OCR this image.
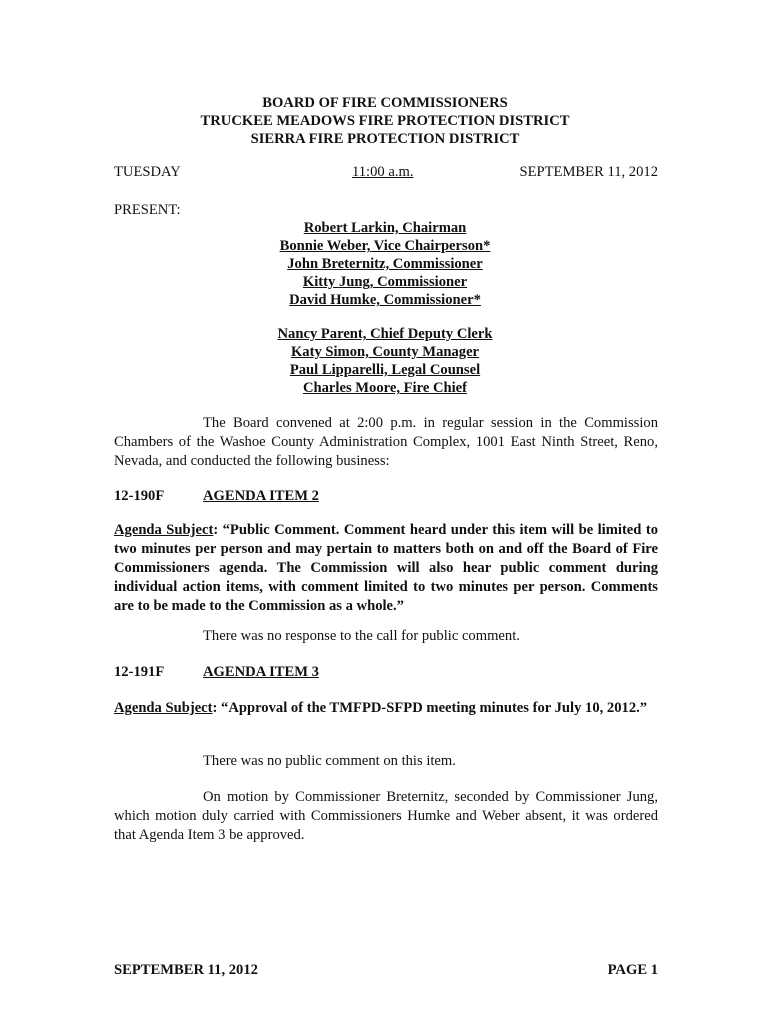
BOARD OF FIRE COMMISSIONERS
TRUCKEE MEADOWS FIRE PROTECTION DISTRICT
SIERRA FIRE PROTECTION DISTRICT
TUESDAY	11:00 a.m.	SEPTEMBER 11, 2012
PRESENT:
Robert Larkin, Chairman
Bonnie Weber, Vice Chairperson*
John Breternitz, Commissioner
Kitty Jung, Commissioner
David Humke, Commissioner*
Nancy Parent, Chief Deputy Clerk
Katy Simon, County Manager
Paul Lipparelli, Legal Counsel
Charles Moore, Fire Chief
The Board convened at 2:00 p.m. in regular session in the Commission Chambers of the Washoe County Administration Complex, 1001 East Ninth Street, Reno, Nevada, and conducted the following business:
12-190F	AGENDA ITEM 2
Agenda Subject: “Public Comment. Comment heard under this item will be limited to two minutes per person and may pertain to matters both on and off the Board of Fire Commissioners agenda. The Commission will also hear public comment during individual action items, with comment limited to two minutes per person. Comments are to be made to the Commission as a whole.”
There was no response to the call for public comment.
12-191F	AGENDA ITEM 3
Agenda Subject: “Approval of the TMFPD-SFPD meeting minutes for July 10, 2012.”
There was no public comment on this item.
On motion by Commissioner Breternitz, seconded by Commissioner Jung, which motion duly carried with Commissioners Humke and Weber absent, it was ordered that Agenda Item 3 be approved.
SEPTEMBER 11, 2012	PAGE 1
